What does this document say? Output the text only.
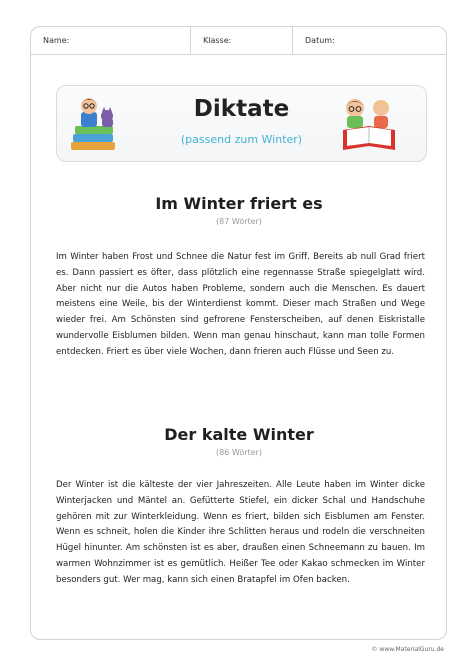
Name:	Klasse:	Datum:
Diktate
(passend zum Winter)
Im Winter friert es
(87 Wörter)
Im Winter haben Frost und Schnee die Natur fest im Griff. Bereits ab null Grad friert es. Dann passiert es öfter, dass plötzlich eine regennasse Straße spiegelglatt wird. Aber nicht nur die Autos haben Probleme, sondern auch die Menschen. Es dauert meistens eine Weile, bis der Winterdienst kommt. Dieser mach Straßen und Wege wieder frei. Am Schönsten sind gefrorene Fensterscheiben, auf denen Eiskristalle wundervolle Eisblumen bilden. Wenn man genau hinschaut, kann man tolle Formen entdecken. Friert es über viele Wochen, dann frieren auch Flüsse und Seen zu.
Der kalte Winter
(86 Wörter)
Der Winter ist die kälteste der vier Jahreszeiten. Alle Leute haben im Winter dicke Winterjacken und Mäntel an. Gefütterte Stiefel, ein dicker Schal und Handschuhe gehören mit zur Winterkleidung. Wenn es friert, bilden sich Eisblumen am Fenster. Wenn es schneit, holen die Kinder ihre Schlitten heraus und rodeln die verschneiten Hügel hinunter. Am schönsten ist es aber, draußen einen Schneemann zu bauen. Im warmen Wohnzimmer ist es gemütlich. Heißer Tee oder Kakao schmecken im Winter besonders gut. Wer mag, kann sich einen Bratapfel im Ofen backen.
© www.MaterialGuru.de
